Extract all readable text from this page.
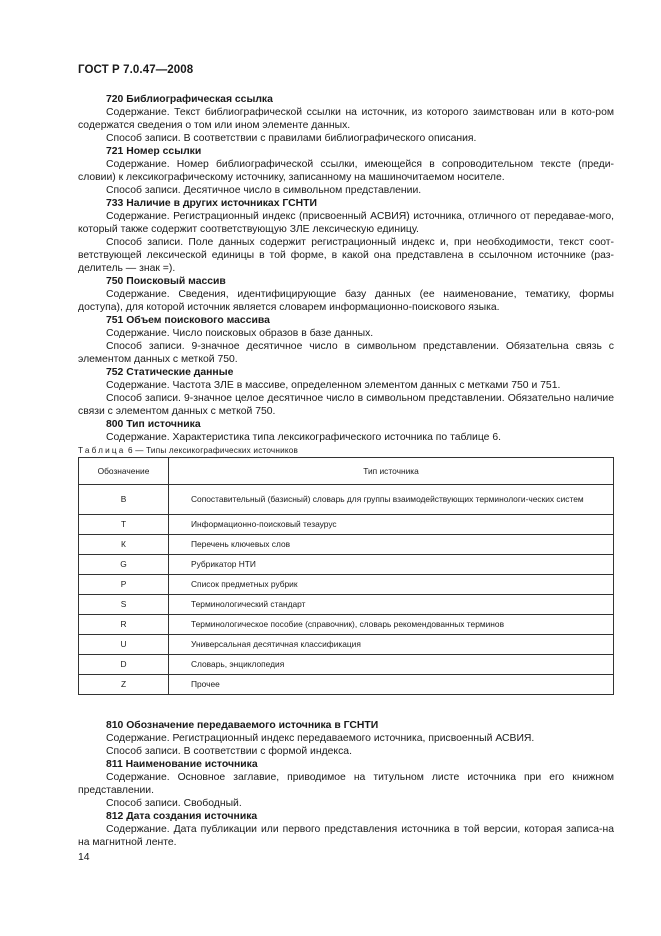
ГОСТ Р 7.0.47—2008

720 Библиографическая ссылка

Содержание. Текст библиографической ссылки на источник, из которого заимствован или в кото-ром содержатся сведения о том или ином элементе данных.

Способ записи. В соответствии с правилами библиографического описания.

721 Номер ссылки

Содержание. Номер библиографической ссылки, имеющейся в сопроводительном тексте (преди-словии) к лексикографическому источнику, записанному на машиночитаемом носителе.

Способ записи. Десятичное число в символьном представлении.

733 Наличие в других источниках ГСНТИ

Содержание. Регистрационный индекс (присвоенный АСВИЯ) источника, отличного от передавае-мого, который также содержит соответствующую ЗЛЕ лексическую единицу.

Способ записи. Поле данных содержит регистрационный индекс и, при необходимости, текст соот-ветствующей лексической единицы в той форме, в какой она представлена в ссылочном источнике (раз-делитель — знак =).

750 Поисковый массив

Содержание. Сведения, идентифицирующие базу данных (ее наименование, тематику, формы доступа), для которой источник является словарем информационно-поискового языка.

751 Объем поискового массива

Содержание. Число поисковых образов в базе данных.

Способ записи. 9-значное десятичное число в символьном представлении. Обязательна связь с элементом данных с меткой 750.

752 Статические данные

Содержание. Частота ЗЛЕ в массиве, определенном элементом данных с метками 750 и 751.

Способ записи. 9-значное целое десятичное число в символьном представлении. Обязательно наличие связи с элементом данных с меткой 750.

800 Тип источника

Содержание. Характеристика типа лексикографического источника по таблице 6.

Таблица 6 — Типы лексикографических источников

Обозначение	Тип источника
В	Сопоставительный (базисный) словарь для группы взаимодействующих терминологи-ческих систем

Т	Информационно-поисковый тезаурус

К	Перечень ключевых слов

G	Рубрикатор НТИ

Р	Список предметных рубрик

S	Терминологический стандарт

R	Терминологическое пособие (справочник), словарь рекомендованных терминов

U	Универсальная десятичная классификация

D	Словарь, энциклопедия

Z	Прочее

810 Обозначение передаваемого источника в ГСНТИ

Содержание. Регистрационный индекс передаваемого источника, присвоенный АСВИЯ.

Способ записи. В соответствии с формой индекса.

811 Наименование источника

Содержание. Основное заглавие, приводимое на титульном листе источника при его книжном представлении.

Способ записи. Свободный.

812 Дата создания источника

Содержание. Дата публикации или первого представления источника в той версии, которая записа-на на магнитной ленте.

14
